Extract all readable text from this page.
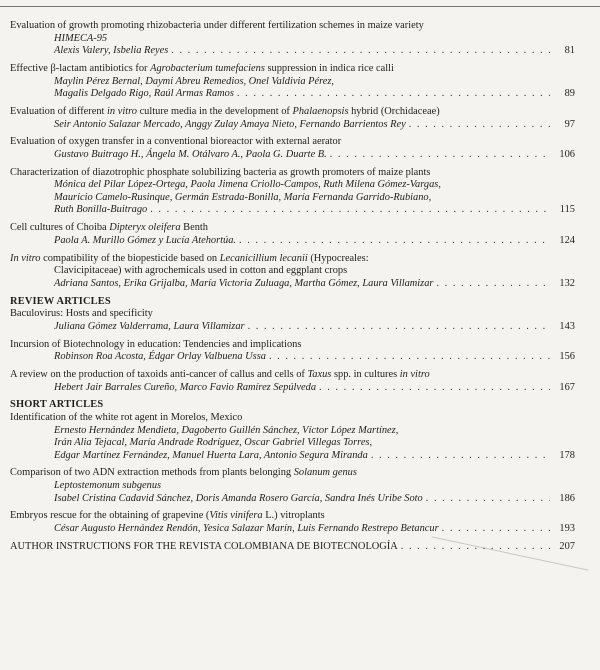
Evaluation of growth promoting rhizobacteria under different fertilization schemes in maize variety
HIMECA-95
Alexis Valery, Isbelia Reyes . . .	81
Effective β-lactam antibiotics for Agrobacterium tumefaciens suppression in indica rice calli
Maylin Pérez Bernal, Daymi Abreu Remedios, Onel Valdivia Pérez,
Magalis Delgado Rigo, Raúl Armas Ramos . . .	89
Evaluation of different in vitro culture media in the development of Phalaenopsis hybrid (Orchidaceae)
Seir Antonio Salazar Mercado, Anggy Zulay Amaya Nieto, Fernando Barrientos Rey . . .	97
Evaluation of oxygen transfer in a conventional bioreactor with external aerator
Gustavo Buitrago H., Ángela M. Otálvaro A., Paola G. Duarte B. . . .	106
Characterization of diazotrophic phosphate solubilizing bacteria as growth promoters of maize plants
Mónica del Pilar López-Ortega, Paola Jimena Criollo-Campos, Ruth Milena Gómez-Vargas,
Mauricio Camelo-Rusinque, Germán Estrada-Bonilla, María Fernanda Garrido-Rubiano,
Ruth Bonilla-Buitrago . . .	115
Cell cultures of Choiba Dipteryx oleifera Benth
Paola A. Murillo Gómez y Lucía Atehortúa. . . .	124
In vitro compatibility of the biopesticide based on Lecanicillium lecanii (Hypocreales:
Clavicipitaceae) with agrochemicals used in cotton and eggplant crops
Adriana Santos, Erika Grijalba, María Victoria Zuluaga, Martha Gómez, Laura Villamizar . . .	132
REVIEW ARTICLES
Baculovirus: Hosts and specificity
Juliana Gómez Valderrama, Laura Villamizar . . .	143
Incursion of Biotechnology in education: Tendencies and implications
Robinson Roa Acosta, Édgar Orlay Valbuena Ussa . . .	156
A review on the production of taxoids anti-cancer of callus and cells of Taxus spp. in cultures in vitro
Hebert Jair Barrales Cureño, Marco Favio Ramírez Sepúlveda . . .	167
SHORT ARTICLES
Identification of the white rot agent in Morelos, Mexico
Ernesto Hernández Mendieta, Dagoberto Guillén Sánchez, Víctor López Martínez,
Irán Alia Tejacal, María Andrade Rodríguez, Oscar Gabriel Villegas Torres,
Edgar Martínez Fernández, Manuel Huerta Lara, Antonio Segura Miranda . . .	178
Comparison of two ADN extraction methods from plants belonging Solanum genus
Leptostemonum subgenus
Isabel Cristina Cadavid Sánchez, Doris Amanda Rosero García, Sandra Inés Uribe Soto . . .	186
Embryos rescue for the obtaining of grapevine (Vitis vinifera L.) vitroplants
César Augusto Hernández Rendón, Yesica Salazar Marín, Luis Fernando Restrepo Betancur . . .	193
AUTHOR INSTRUCTIONS FOR THE REVISTA COLOMBIANA DE BIOTECNOLOGÍA . . .	207
